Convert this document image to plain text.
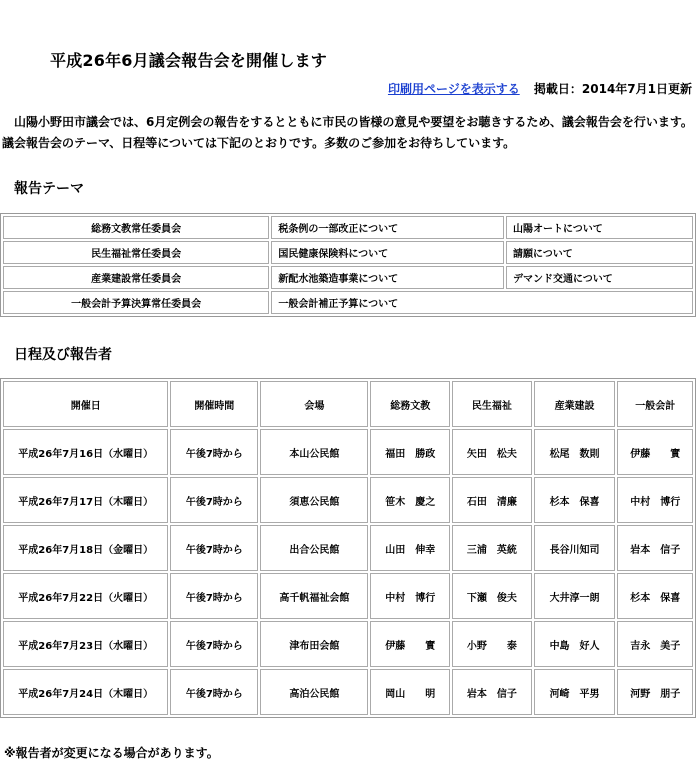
平成26年6月議会報告会を開催します
印刷用ページを表示する 掲載日：2014年7月1日更新
山陽小野田市議会では、6月定例会の報告をするとともに市民の皆様の意見や要望をお聴きするため、議会報告会を行います。議会報告会のテーマ、日程等については下記のとおりです。多数のご参加をお待ちしています。
報告テーマ
総務文教常任委員会	税条例の一部改正について	山陽オートについて
民生福祉常任委員会	国民健康保険料について	請願について
産業建設常任委員会	新配水池築造事業について	デマンド交通について
一般会計予算決算常任委員会	一般会計補正予算について	
日程及び報告者
開催日	開催時間	会場	総務文教	民生福祉	産業建設	一般会計
平成26年7月16日（水曜日）	午後7時から	本山公民館	福田　勝政	矢田　松夫	松尾　数則	伊藤　　實
平成26年7月17日（木曜日）	午後7時から	須恵公民館	笹木　慶之	石田　清廉	杉本　保喜	中村　博行
平成26年7月18日（金曜日）	午後7時から	出合公民館	山田　伸幸	三浦　英統	長谷川知司	岩本　信子
平成26年7月22日（火曜日）	午後7時から	高千帆福祉会館	中村　博行	下瀬　俊夫	大井淳一朗	杉本　保喜
平成26年7月23日（水曜日）	午後7時から	津布田会館	伊藤　　實	小野　　泰	中島　好人	吉永　美子
平成26年7月24日（木曜日）	午後7時から	高泊公民館	岡山　　明	岩本　信子	河崎　平男	河野　朋子
※報告者が変更になる場合があります。
